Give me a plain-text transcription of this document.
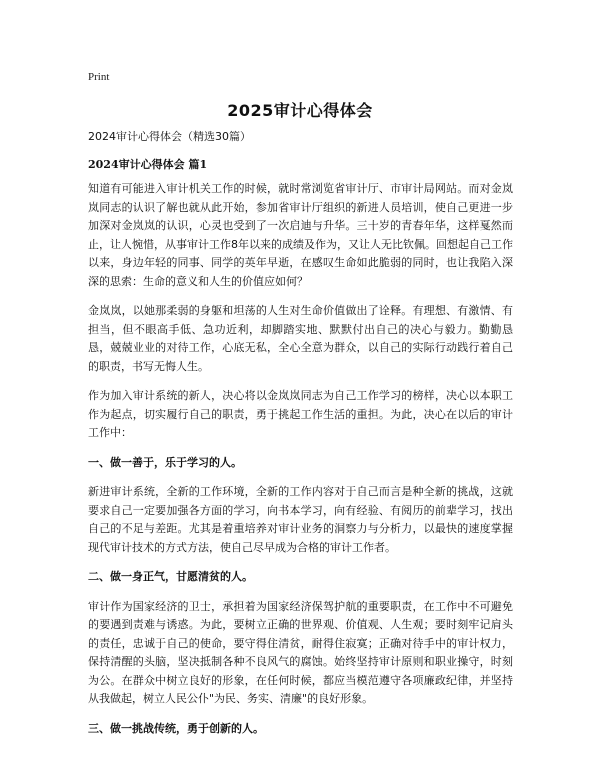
Print
2025审计心得体会

2024审计心得体会（精选30篇）

2024审计心得体会 篇1

知道有可能进入审计机关工作的时候，就时常浏览省审计厅、市审计局网站。而对金岚岚同志的认识了解也就从此开始，参加省审计厅组织的新进人员培训，使自己更进一步加深对金岚岚的认识，心灵也受到了一次启迪与升华。三十岁的青春年华，这样戛然而止，让人惋惜，从事审计工作8年以来的成绩及作为，又让人无比钦佩。回想起自己工作以来，身边年轻的同事、同学的英年早逝，在感叹生命如此脆弱的同时，也让我陷入深深的思索：生命的意义和人生的价值应如何？

金岚岚，以她那柔弱的身躯和坦荡的人生对生命价值做出了诠释。有理想、有激情、有担当，但不眼高手低、急功近利，却脚踏实地、默默付出自己的决心与毅力。勤勤恳恳，兢兢业业的对待工作，心底无私，全心全意为群众，以自己的实际行动践行着自己的职责，书写无悔人生。

作为加入审计系统的新人，决心将以金岚岚同志为自己工作学习的榜样，决心以本职工作为起点，切实履行自己的职责，勇于挑起工作生活的重担。为此，决心在以后的审计工作中：

一、做一善于，乐于学习的人。

新进审计系统，全新的工作环境，全新的工作内容对于自己而言是种全新的挑战，这就要求自己一定要加强各方面的学习，向书本学习，向有经验、有阅历的前辈学习，找出自己的不足与差距。尤其是着重培养对审计业务的洞察力与分析力，以最快的速度掌握现代审计技术的方式方法，使自己尽早成为合格的审计工作者。

二、做一身正气，甘愿清贫的人。

审计作为国家经济的卫士，承担着为国家经济保驾护航的重要职责，在工作中不可避免的要遇到责难与诱惑。为此，要树立正确的世界观、价值观、人生观；要时刻牢记肩头的责任，忠诚于自己的使命，要守得住清贫，耐得住寂寞；正确对待手中的审计权力，保持清醒的头脑，坚决抵制各种不良风气的腐蚀。始终坚持审计原则和职业操守，时刻为公。在群众中树立良好的形象，在任何时候，都应当模范遵守各项廉政纪律，并坚持从我做起，树立人民公仆"为民、务实、清廉"的良好形象。

三、做一挑战传统，勇于创新的人。
